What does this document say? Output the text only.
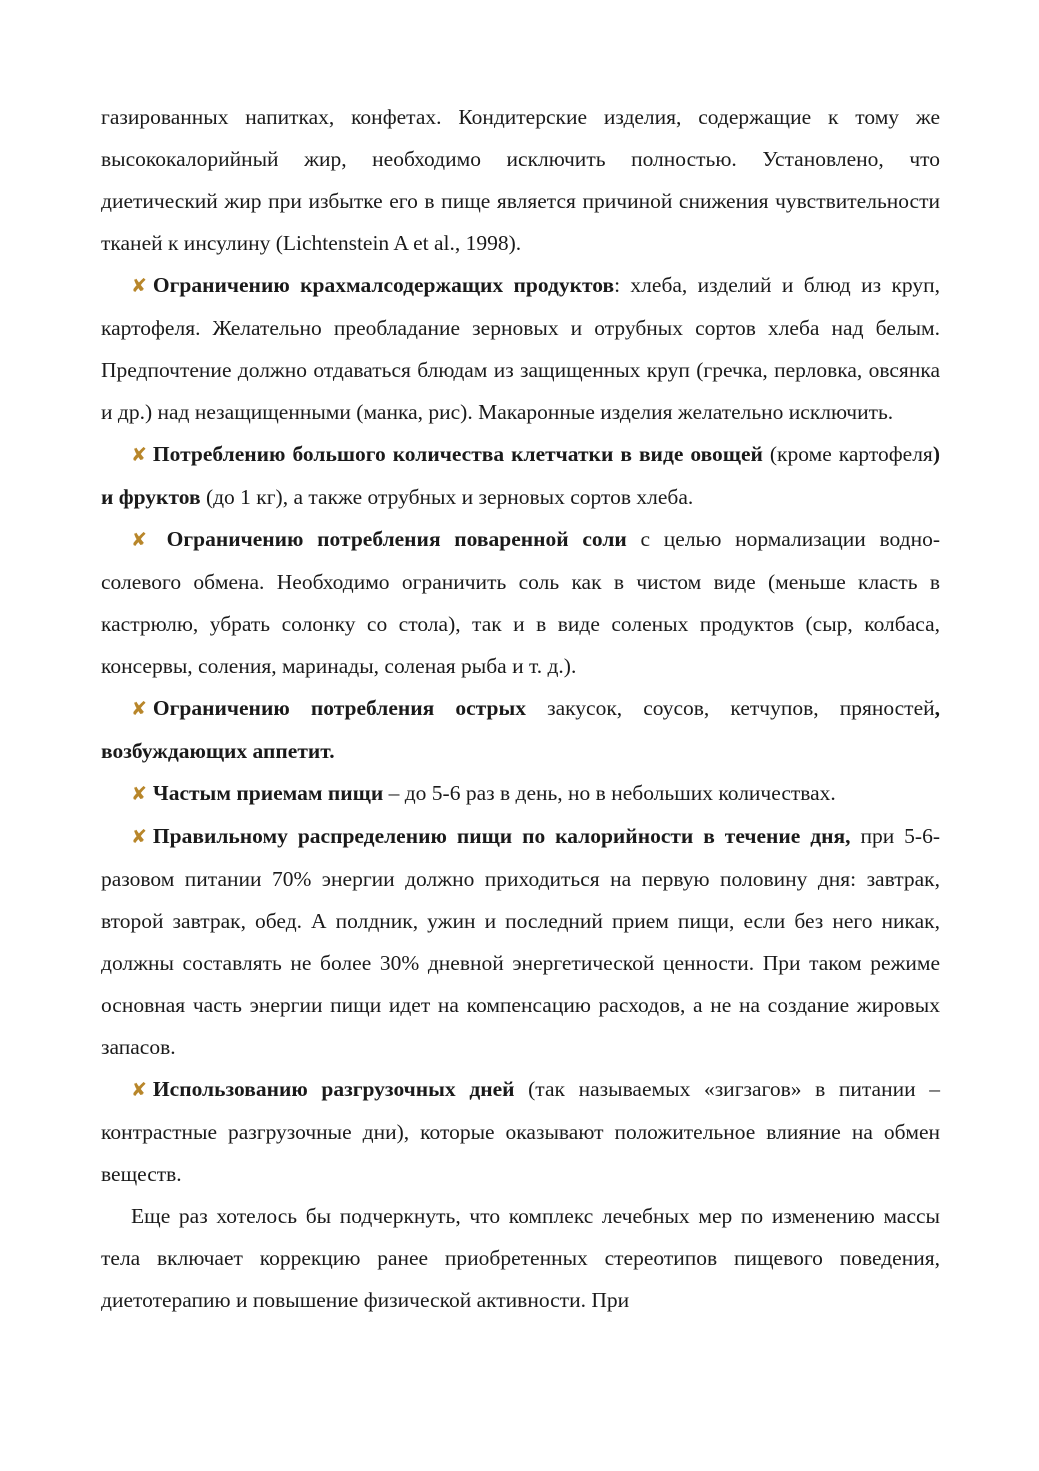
газированных напитках, конфетах. Кондитерские изделия, содержащие к тому же высококалорийный жир, необходимо исключить полностью. Установлено, что диетический жир при избытке его в пище является причиной снижения чувствительности тканей к инсулину (Lichtenstein A et al., 1998).

✘ Ограничению крахмалсодержащих продуктов: хлеба, изделий и блюд из круп, картофеля. Желательно преобладание зерновых и отрубных сортов хлеба над белым. Предпочтение должно отдаваться блюдам из защищенных круп (гречка, перловка, овсянка и др.) над незащищенными (манка, рис). Макаронные изделия желательно исключить.

✘ Потреблению большого количества клетчатки в виде овощей (кроме картофеля) и фруктов (до 1 кг), а также отрубных и зерновых сортов хлеба.

✘ Ограничению потребления поваренной соли с целью нормализации водно-солевого обмена. Необходимо ограничить соль как в чистом виде (меньше класть в кастрюлю, убрать солонку со стола), так и в виде соленых продуктов (сыр, колбаса, консервы, соления, маринады, соленая рыба и т. д.).

✘ Ограничению потребления острых закусок, соусов, кетчупов, пряностей, возбуждающих аппетит.

✘ Частым приемам пищи – до 5-6 раз в день, но в небольших количествах.

✘ Правильному распределению пищи по калорийности в течение дня, при 5-6-разовом питании 70% энергии должно приходиться на первую половину дня: завтрак, второй завтрак, обед. А полдник, ужин и последний прием пищи, если без него никак, должны составлять не более 30% дневной энергетической ценности. При таком режиме основная часть энергии пищи идет на компенсацию расходов, а не на создание жировых запасов.

✘ Использованию разгрузочных дней (так называемых «зигзагов» в питании – контрастные разгрузочные дни), которые оказывают положительное влияние на обмен веществ.

Еще раз хотелось бы подчеркнуть, что комплекс лечебных мер по изменению массы тела включает коррекцию ранее приобретенных стереотипов пищевого поведения, диетотерапию и повышение физической активности. При
